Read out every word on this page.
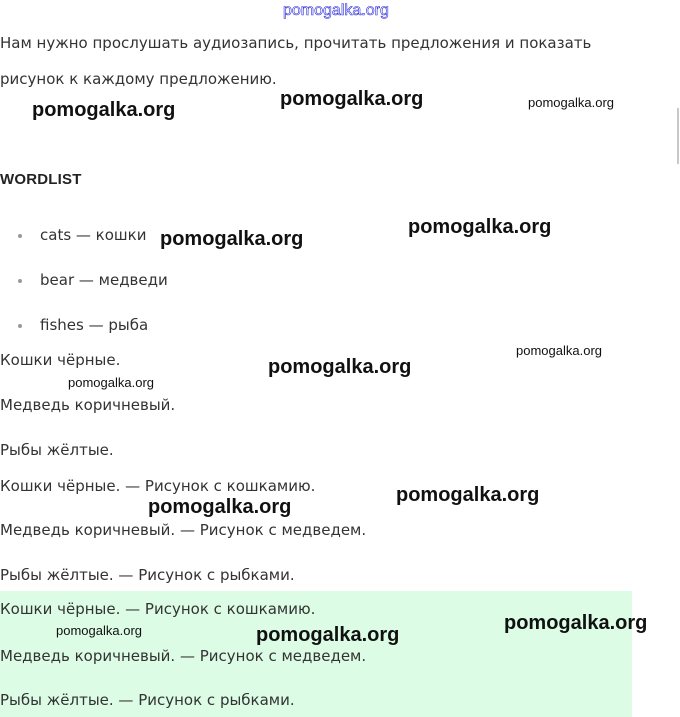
pomogalka.org
Нам нужно прослушать аудиозапись, прочитать предложения и показать
рисунок к каждому предложению.
WORDLIST
cats — кошки
bear — медведи
fishes — рыба
Кошки чёрные.
Медведь коричневый.
Рыбы жёлтые.
Кошки чёрные. — Рисунок с кошкамию.
Медведь коричневый. — Рисунок с медведем.
Рыбы жёлтые. — Рисунок с рыбками.
Кошки чёрные. — Рисунок с кошкамию.
Медведь коричневый. — Рисунок с медведем.
Рыбы жёлтые. — Рисунок с рыбками.
pomogalka.org	pomogalka.org	pomogalka.org
pomogalka.org
pomogalka.org
pomogalka.org
pomogalka.org
pomogalka.org
pomogalka.org
pomogalka.org
pomogalka.org
pomogalka.org	pomogalka.org
